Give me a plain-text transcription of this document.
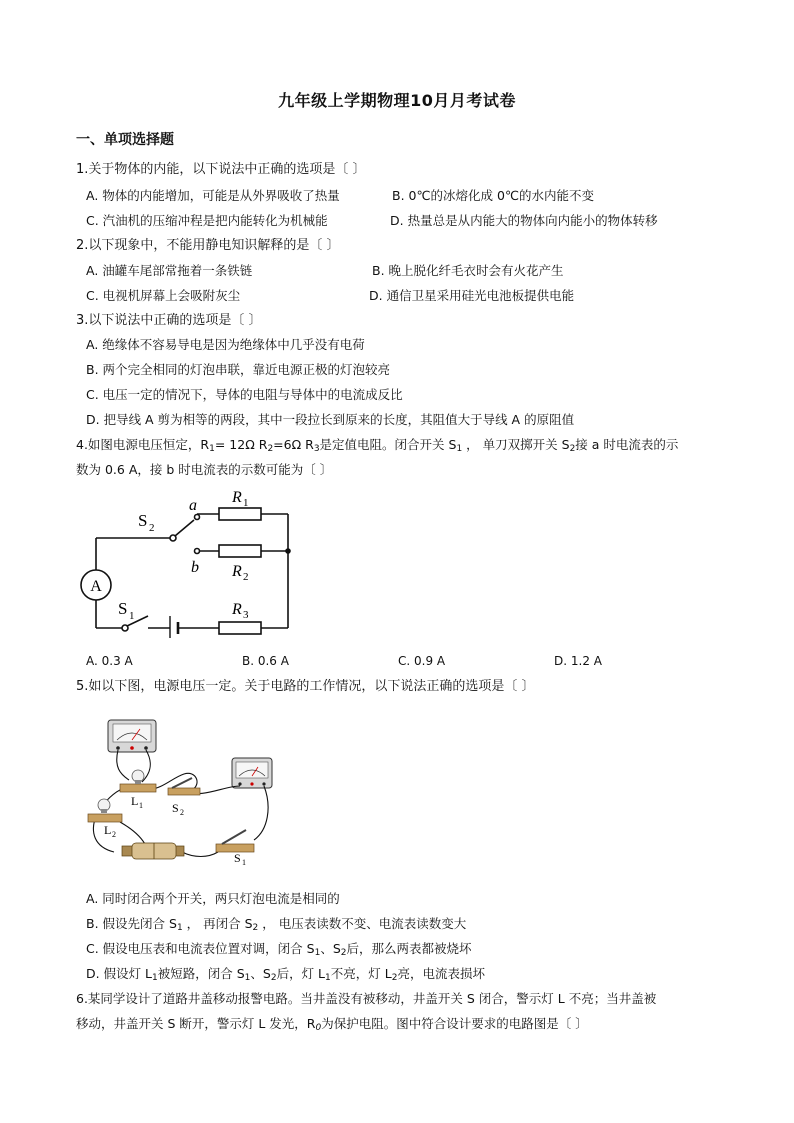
九年级上学期物理10月月考试卷
一、单项选择题
1.关于物体的内能，以下说法中正确的选项是〔 〕
A. 物体的内能增加，可能是从外界吸收了热量	B. 0℃的冰熔化成 0℃的水内能不变
C. 汽油机的压缩冲程是把内能转化为机械能	D. 热量总是从内能大的物体向内能小的物体转移
2.以下现象中，不能用静电知识解释的是〔 〕
A. 油罐车尾部常拖着一条铁链	B. 晚上脱化纤毛衣时会有火花产生
C. 电视机屏幕上会吸附灰尘	D. 通信卫星采用硅光电池板提供电能
3.以下说法中正确的选项是〔 〕
A. 绝缘体不容易导电是因为绝缘体中几乎没有电荷
B. 两个完全相同的灯泡串联，靠近电源正极的灯泡较亮
C. 电压一定的情况下，导体的电阻与导体中的电流成反比
D. 把导线 A 剪为相等的两段，其中一段拉长到原来的长度，其阻值大于导线 A 的原阻值
4.如图电源电压恒定，$R_1= 12\Omega$ $R_2=6\Omega$ $R_3$是定值电阻。闭合开关 $S_1$ ， 单刀双掷开关 $S_2$接 a 时电流表的示
数为 0.6 A，接 b 时电流表的示数可能为〔 〕
A
S 2
a
b
R 1
R 2
R 3
S 1
A. 0.3 A	B. 0.6 A	C. 0.9 A	D. 1.2 A
5.如以下图，电源电压一定。关于电路的工作情况，以下说法正确的选项是〔 〕
L 1 S 2
L 2
S 1
A. 同时闭合两个开关，两只灯泡电流是相同的
B. 假设先闭合 $S_1$ ， 再闭合 $S_2$ ， 电压表读数不变、电流表读数变大
C. 假设电压表和电流表位置对调，闭合 $S_1$、$S_2$后，那么两表都被烧坏
D. 假设灯 $L_1$被短路，闭合 $S_1$、$S_2$后，灯 $L_1$不亮，灯 $L_2$亮，电流表损坏
6.某同学设计了道路井盖移动报警电路。当井盖没有被移动，井盖开关 S 闭合，警示灯 L 不亮；当井盖被
移动，井盖开关 S 断开，警示灯 L 发光，$R_0$为保护电阻。图中符合设计要求的电路图是〔 〕
